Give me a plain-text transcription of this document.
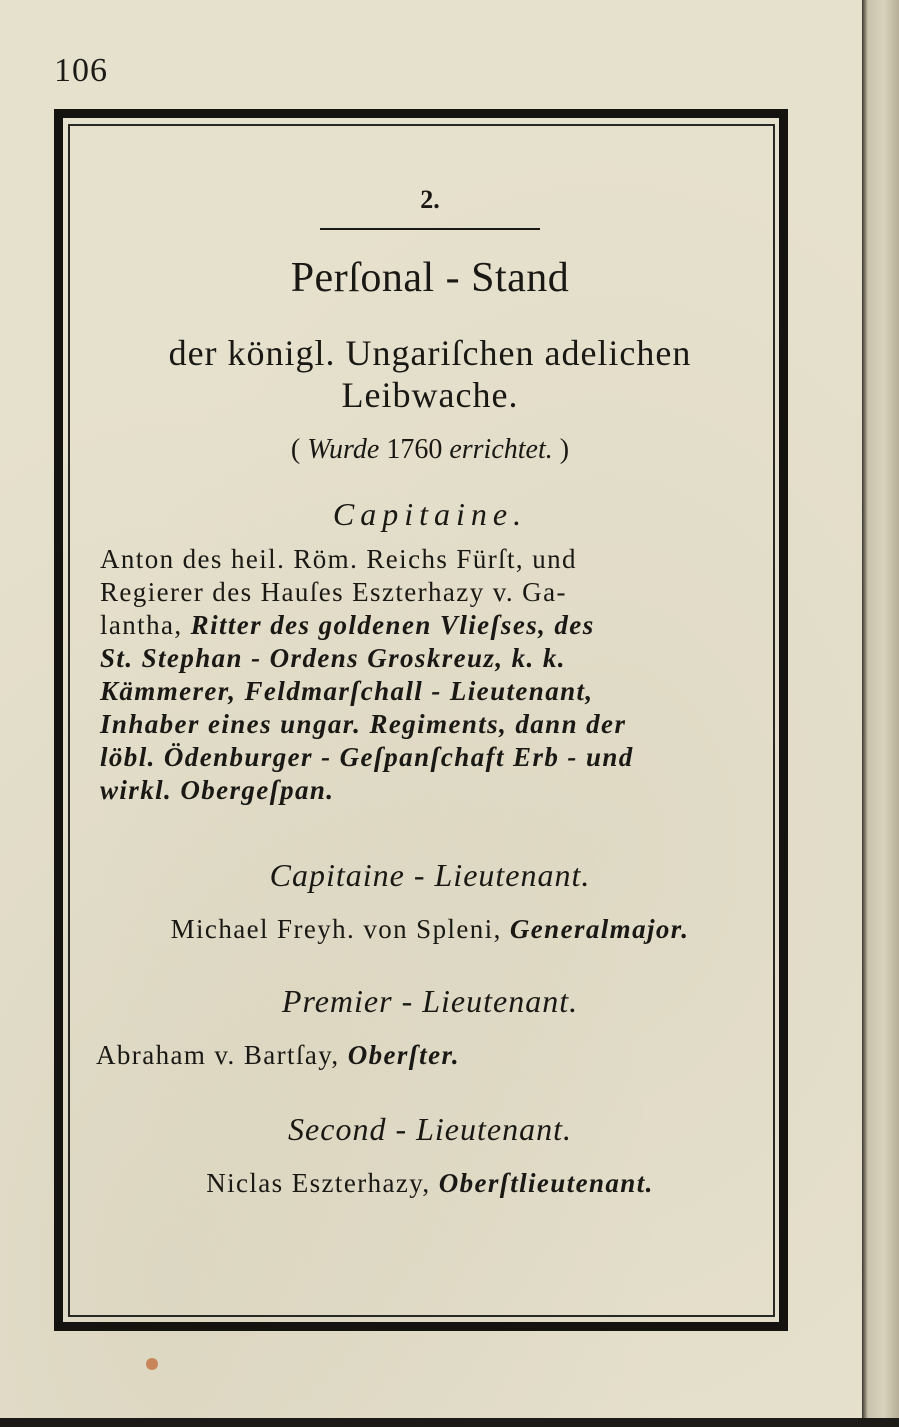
106
2.
Perſonal - Stand
der königl. Ungariſchen adelichen
Leibwache.
( Wurde 1760 errichtet. )
Capitaine.
Anton des heil. Röm. Reichs Fürſt, und
Regierer des Hauſes Eszterhazy v. Ga-
lantha, Ritter des goldenen Vlieſses, des
St. Stephan - Ordens Groskreuz, k. k.
Kämmerer, Feldmarſchall - Lieutenant,
Inhaber eines ungar. Regiments, dann der
löbl. Ödenburger - Geſpanſchaft Erb - und
wirkl. Obergeſpan.
Capitaine - Lieutenant.
Michael Freyh. von Spleni, Generalmajor.
Premier - Lieutenant.
Abraham v. Bartſay, Oberſter.
Second - Lieutenant.
Niclas Eszterhazy, Oberſtlieutenant.
